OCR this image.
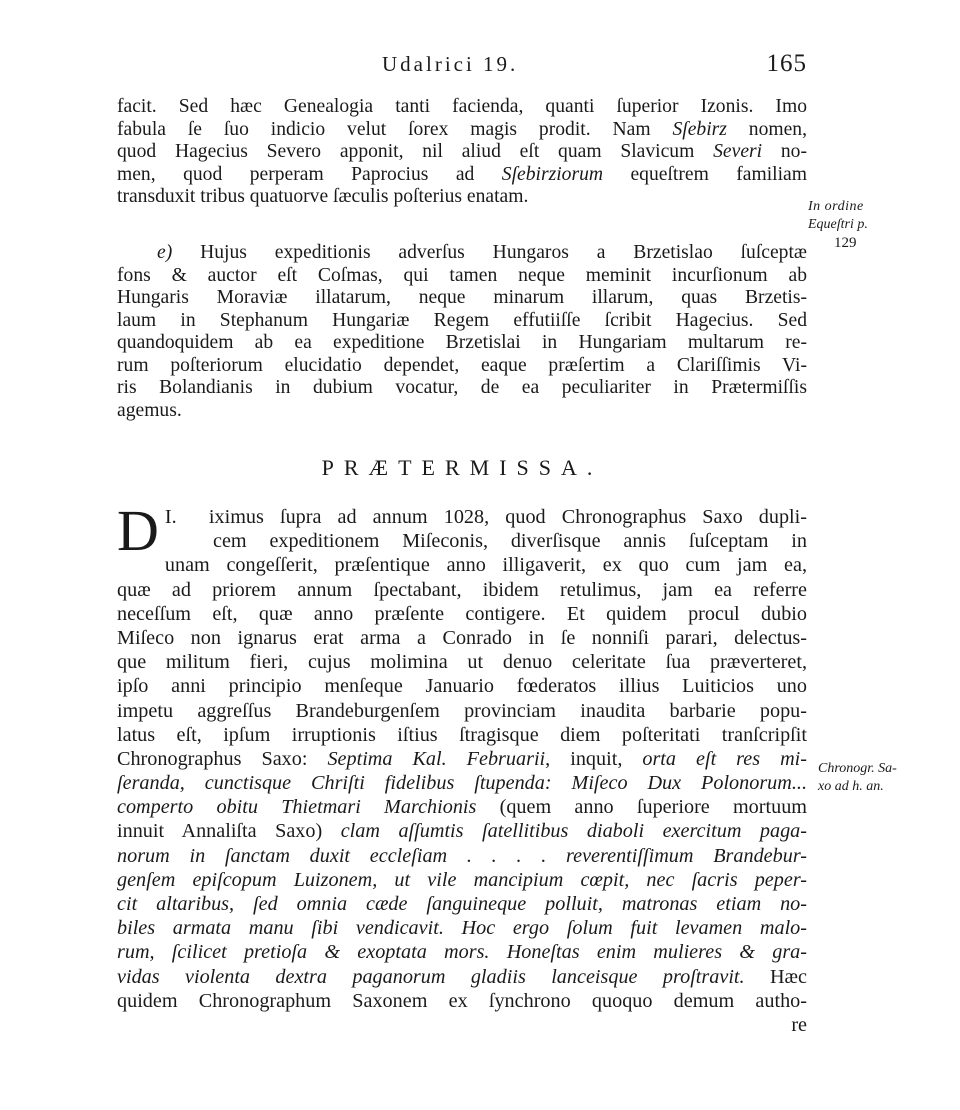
Udalrici 19.	165
facit. Sed hæc Genealogia tanti facienda, quanti ſuperior Izonis. Imo
fabula ſe ſuo indicio velut ſorex magis prodit. Nam Sſebirz nomen,
quod Hagecius Severo apponit, nil aliud eſt quam Slavicum Severi no-
men, quod perperam Paprocius ad Sſebirziorum equeſtrem familiam
transduxit tribus quatuorve ſæculis poſterius enatam.	In ordine
Equeſtri p.
129
e) Hujus expeditionis adverſus Hungaros a Brzetislao ſuſceptæ
fons & auctor eſt Coſmas, qui tamen neque meminit incurſionum ab
Hungaris Moraviæ illatarum, neque minarum illarum, quas Brzetis-
laum in Stephanum Hungariæ Regem effutiiſſe ſcribit Hagecius. Sed
quandoquidem ab ea expeditione Brzetislai in Hungariam multarum re-
rum poſteriorum elucidatio dependet, eaque præſertim a Clariſſimis Vi-
ris Bolandianis in dubium vocatur, de ea peculiariter in Prætermiſſis
agemus.
PRÆTERMISSA.
I.
D iximus ſupra ad annum 1028, quod Chronographus Saxo dupli-
cem expeditionem Miſeconis, diverſisque annis ſuſceptam in
unam congeſſerit, præſentique anno illigaverit, ex quo cum jam ea,
quæ ad priorem annum ſpectabant, ibidem retulimus, jam ea referre
neceſſum eſt, quæ anno præſente contigere. Et quidem procul dubio
Miſeco non ignarus erat arma a Conrado in ſe nonniſi parari, delectus-
que militum fieri, cujus molimina ut denuo celeritate ſua præverteret,
ipſo anni principio menſeque Januario fœderatos illius Luiticios uno
impetu aggreſſus Brandeburgenſem provinciam inaudita barbarie popu-
latus eſt, ipſum irruptionis iſtius ſtragisque diem poſteritati tranſcripſit
Chronographus Saxo: Septima Kal. Februarii, inquit, orta eſt res mi-
ſeranda, cunctisque Chriſti fidelibus ſtupenda: Miſeco Dux Polonorum...
comperto obitu Thietmari Marchionis (quem anno ſuperiore mortuum
innuit Annaliſta Saxo) clam aſſumtis ſatellitibus diaboli exercitum paga-
norum in ſanctam duxit eccleſiam . . . . reverentiſſimum Brandebur-
genſem epiſcopum Luizonem, ut vile mancipium cœpit, nec ſacris peper-
cit altaribus, ſed omnia cæde ſanguineque polluit, matronas etiam no-
biles armata manu ſibi vendicavit. Hoc ergo ſolum fuit levamen malo-
rum, ſcilicet pretioſa & exoptata mors. Honeſtas enim mulieres & gra-
vidas violenta dextra paganorum gladiis lanceisque proſtravit. Hæc
quidem Chronographum Saxonem ex ſynchrono quoquo demum autho-
re
Chronogr. Sa-
xo ad h. an.
